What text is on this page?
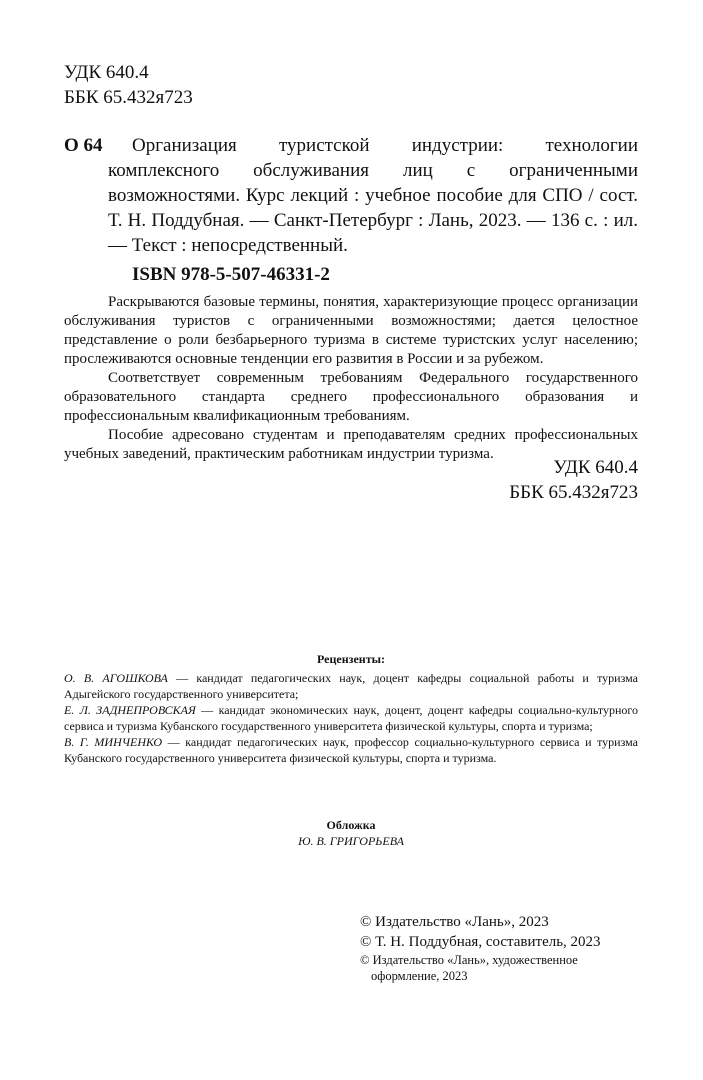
УДК 640.4
ББК 65.432я723
О 64	Организация туристской индустрии: технологии комплексного обслуживания лиц с ограниченными возможностями. Курс лекций : учебное пособие для СПО / сост. Т. Н. Поддубная. — Санкт-Петербург : Лань, 2023. — 136 с. : ил. — Текст : непосредственный.
ISBN 978-5-507-46331-2

Раскрываются базовые термины, понятия, характеризующие процесс организации обслуживания туристов с ограниченными возможностями; дается целостное представление о роли безбарьерного туризма в системе туристских услуг населению; прослеживаются основные тенденции его развития в России и за рубежом.

Соответствует современным требованиям Федерального государственного образовательного стандарта среднего профессионального образования и профессиональным квалификационным требованиям.

Пособие адресовано студентам и преподавателям средних профессиональных учебных заведений, практическим работникам индустрии туризма.

УДК 640.4
ББК 65.432я723
Рецензенты:

О. В. АГОШКОВА — кандидат педагогических наук, доцент кафедры социальной работы и туризма Адыгейского государственного университета;

Е. Л. ЗАДНЕПРОВСКАЯ — кандидат экономических наук, доцент, доцент кафедры социально-культурного сервиса и туризма Кубанского государственного университета физической культуры, спорта и туризма;

В. Г. МИНЧЕНКО — кандидат педагогических наук, профессор социально-культурного сервиса и туризма Кубанского государственного университета физической культуры, спорта и туризма.

Обложка
Ю. В. ГРИГОРЬЕВА
© Издательство «Лань», 2023
© Т. Н. Поддубная, составитель, 2023
© Издательство «Лань», художественное
оформление, 2023
